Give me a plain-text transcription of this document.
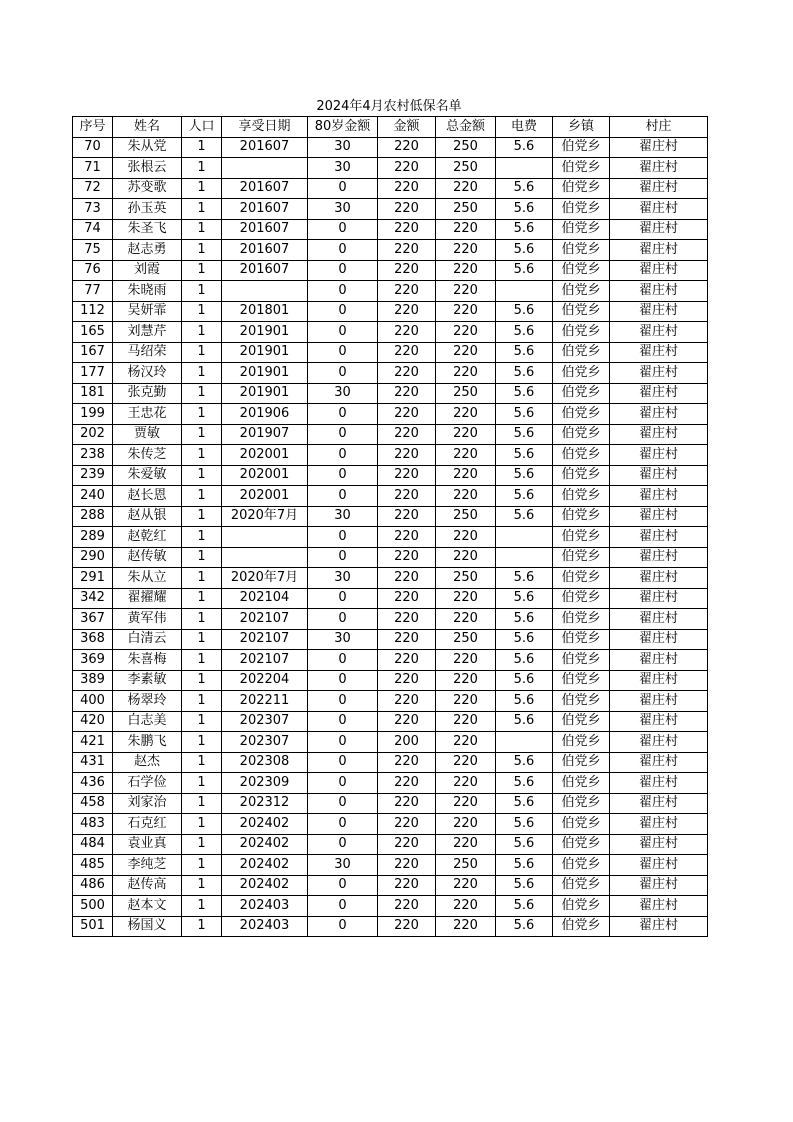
2024年4月农村低保名单
序号	姓名	人口	享受日期	80岁金额	金额	总金额	电费	乡镇	村庄
70	朱从党	1	201607	30	220	250	5.6	伯党乡	翟庄村
71	张根云	1		30	220	250		伯党乡	翟庄村
72	苏变歌	1	201607	0	220	220	5.6	伯党乡	翟庄村
73	孙玉英	1	201607	30	220	250	5.6	伯党乡	翟庄村
74	朱圣飞	1	201607	0	220	220	5.6	伯党乡	翟庄村
75	赵志勇	1	201607	0	220	220	5.6	伯党乡	翟庄村
76	刘霞	1	201607	0	220	220	5.6	伯党乡	翟庄村
77	朱晓雨	1		0	220	220		伯党乡	翟庄村
112	吴妍霏	1	201801	0	220	220	5.6	伯党乡	翟庄村
165	刘慧芹	1	201901	0	220	220	5.6	伯党乡	翟庄村
167	马绍荣	1	201901	0	220	220	5.6	伯党乡	翟庄村
177	杨汉玲	1	201901	0	220	220	5.6	伯党乡	翟庄村
181	张克勤	1	201901	30	220	250	5.6	伯党乡	翟庄村
199	王忠花	1	201906	0	220	220	5.6	伯党乡	翟庄村
202	贾敏	1	201907	0	220	220	5.6	伯党乡	翟庄村
238	朱传芝	1	202001	0	220	220	5.6	伯党乡	翟庄村
239	朱爱敏	1	202001	0	220	220	5.6	伯党乡	翟庄村
240	赵长恩	1	202001	0	220	220	5.6	伯党乡	翟庄村
288	赵从银	1	2020年7月	30	220	250	5.6	伯党乡	翟庄村
289	赵乾红	1		0	220	220		伯党乡	翟庄村
290	赵传敏	1		0	220	220		伯党乡	翟庄村
291	朱从立	1	2020年7月	30	220	250	5.6	伯党乡	翟庄村
342	翟擢耀	1	202104	0	220	220	5.6	伯党乡	翟庄村
367	黄军伟	1	202107	0	220	220	5.6	伯党乡	翟庄村
368	白清云	1	202107	30	220	250	5.6	伯党乡	翟庄村
369	朱喜梅	1	202107	0	220	220	5.6	伯党乡	翟庄村
389	李素敏	1	202204	0	220	220	5.6	伯党乡	翟庄村
400	杨翠玲	1	202211	0	220	220	5.6	伯党乡	翟庄村
420	白志美	1	202307	0	220	220	5.6	伯党乡	翟庄村
421	朱鹏飞	1	202307	0	200	220		伯党乡	翟庄村
431	赵杰	1	202308	0	220	220	5.6	伯党乡	翟庄村
436	石学俭	1	202309	0	220	220	5.6	伯党乡	翟庄村
458	刘家治	1	202312	0	220	220	5.6	伯党乡	翟庄村
483	石克红	1	202402	0	220	220	5.6	伯党乡	翟庄村
484	袁业真	1	202402	0	220	220	5.6	伯党乡	翟庄村
485	李纯芝	1	202402	30	220	250	5.6	伯党乡	翟庄村
486	赵传高	1	202402	0	220	220	5.6	伯党乡	翟庄村
500	赵本文	1	202403	0	220	220	5.6	伯党乡	翟庄村
501	杨国义	1	202403	0	220	220	5.6	伯党乡	翟庄村
